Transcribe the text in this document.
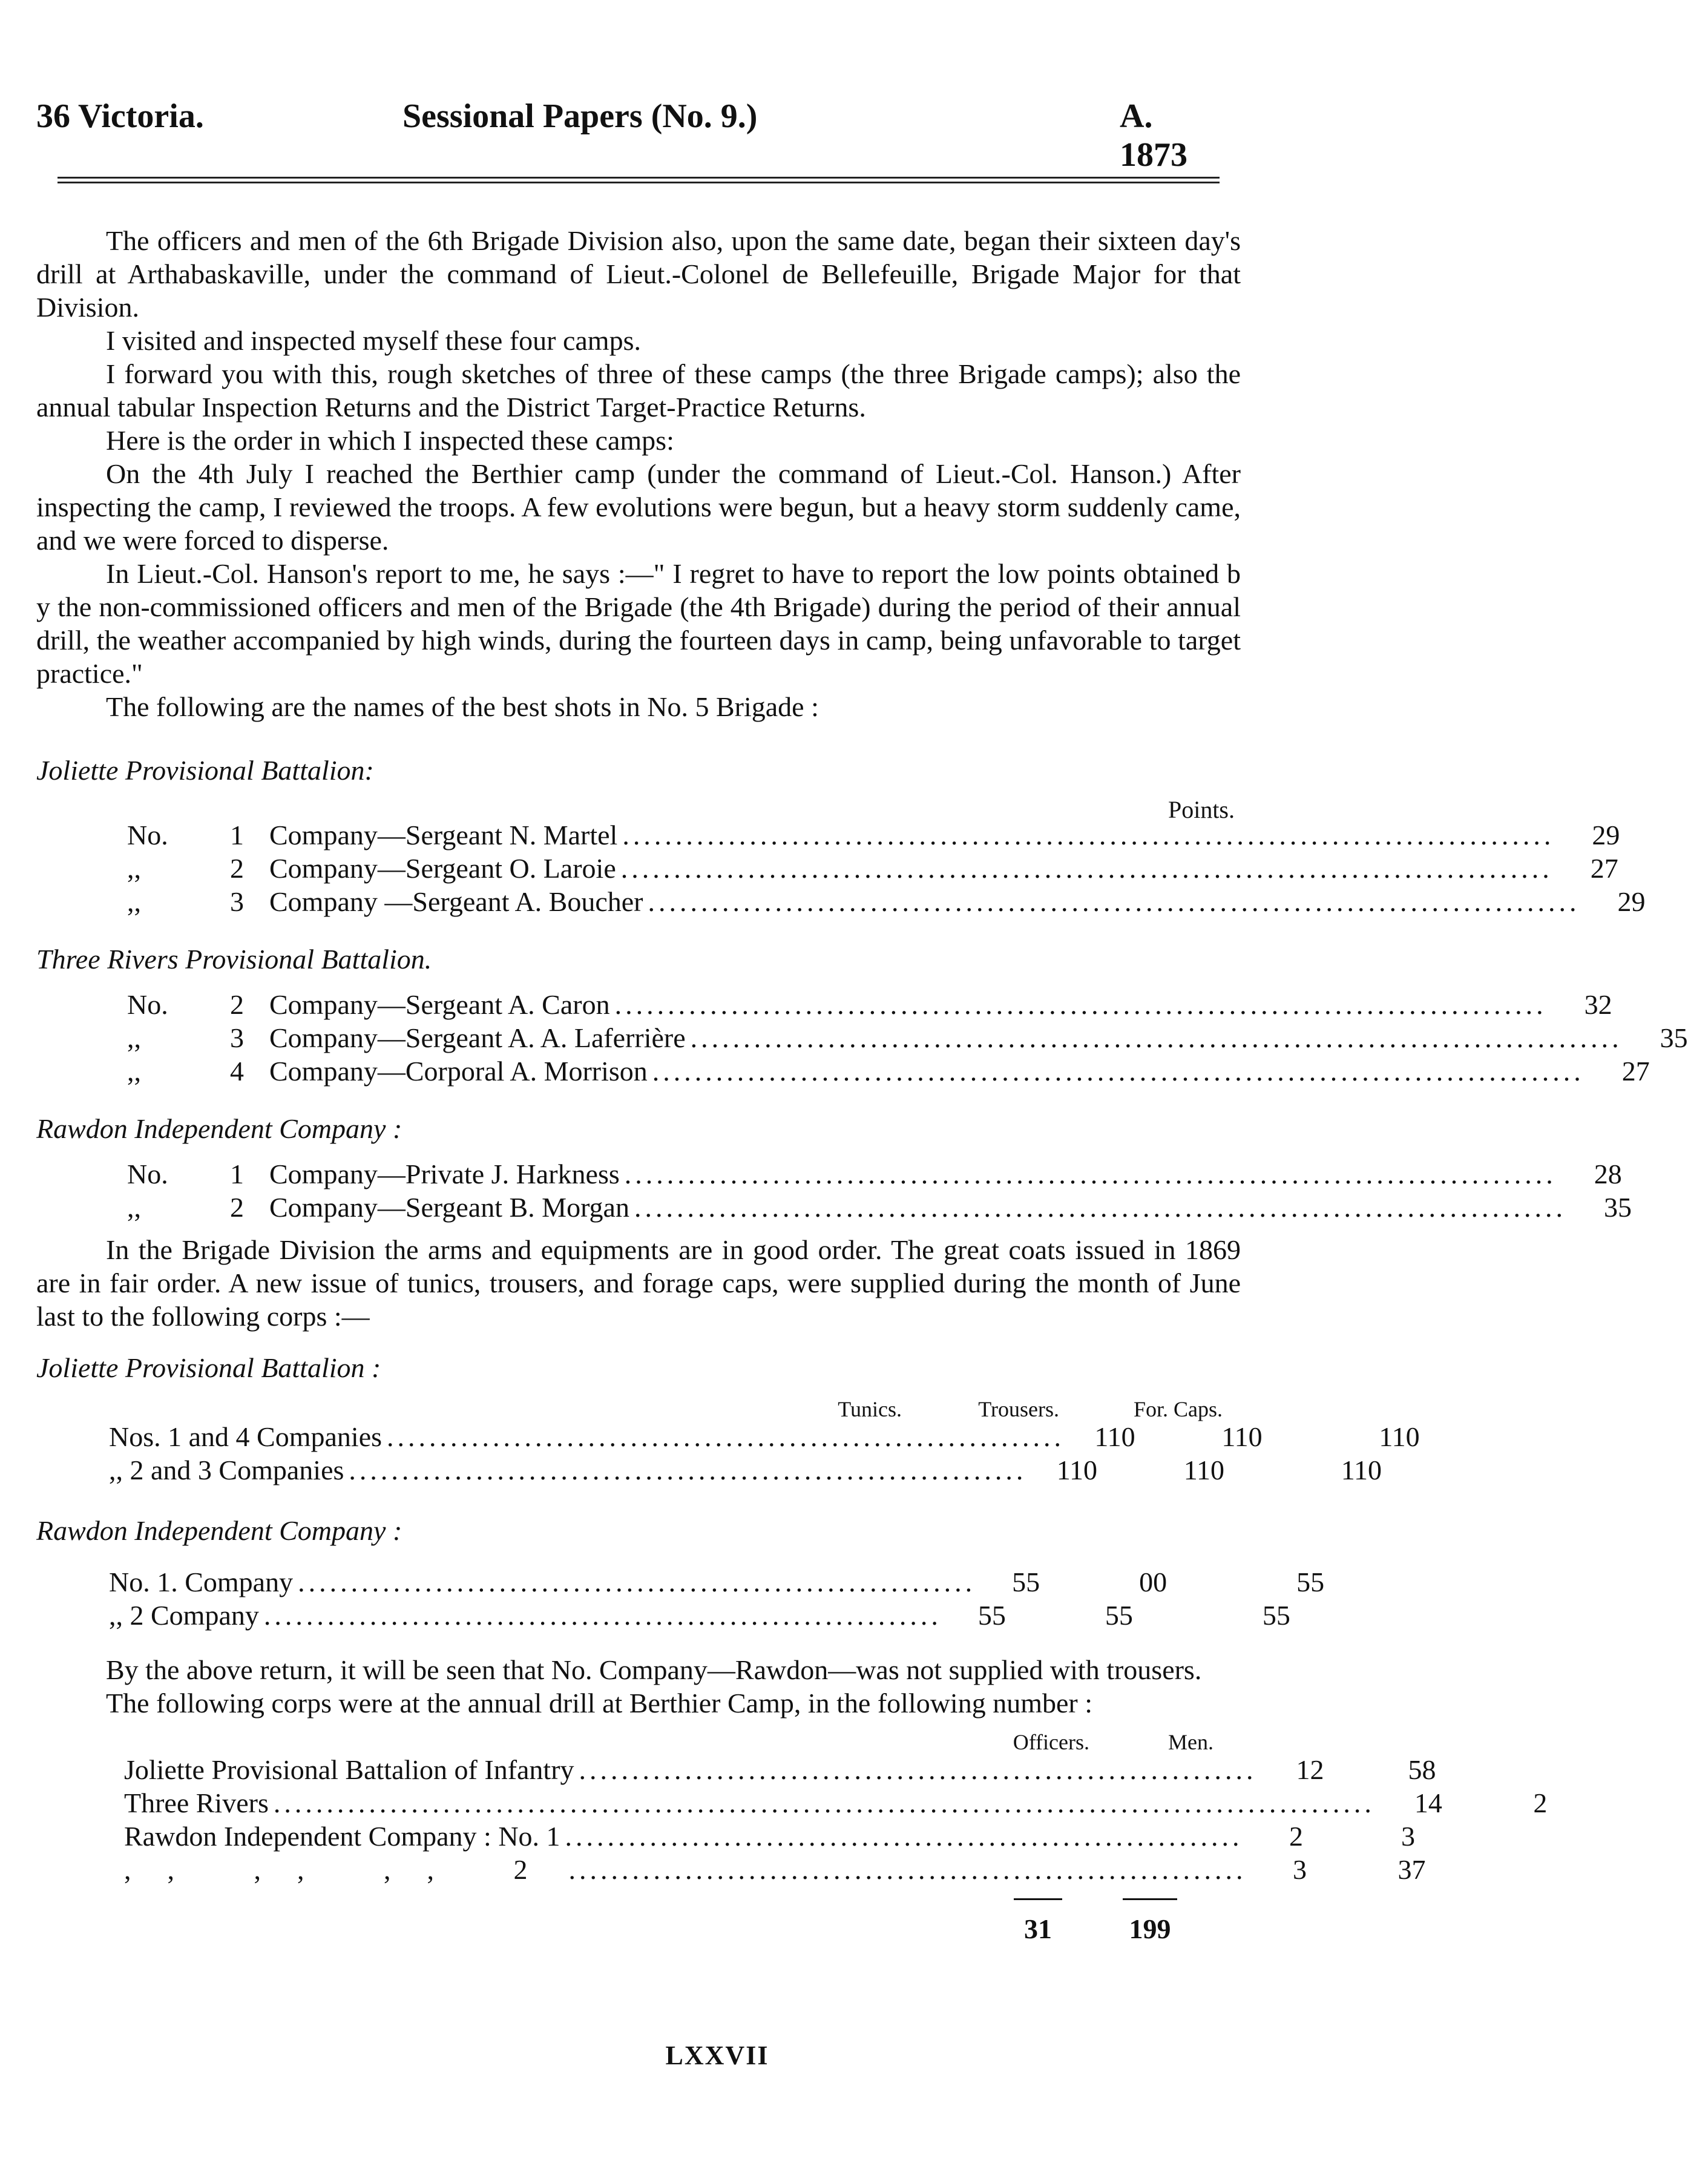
36 Victoria.	Sessional Papers (No. 9.)	A. 1873

The officers and men of the 6th Brigade Division also, upon the same date, began their sixteen day's drill at Arthabaskaville, under the command of Lieut.-Colonel de Bellefeuille, Brigade Major for that Division.

I visited and inspected myself these four camps.

I forward you with this, rough sketches of three of these camps (the three Brigade camps); also the annual tabular Inspection Returns and the District Target-Practice Returns.

Here is the order in which I inspected these camps:

On the 4th July I reached the Berthier camp (under the command of Lieut.-Col. Hanson.) After inspecting the camp, I reviewed the troops. A few evolutions were begun, but a heavy storm suddenly came, and we were forced to disperse.

In Lieut.-Col. Hanson's report to me, he says :—" I regret to have to report the low points obtained b y the non-commissioned officers and men of the Brigade (the 4th Brigade) during the period of their annual drill, the weather accompanied by high winds, during the fourteen days in camp, being unfavorable to target practice."

The following are the names of the best shots in No. 5 Brigade :

Joliette Provisional Battalion:

Points.
No.	1 Company—Sergeant N. Martel ........................................................................................	29
,,	2 Company—Sergeant O. Laroie ........................................................................................	27
,,	3 Company —Sergeant A. Boucher ........................................................................................	29

Three Rivers Provisional Battalion.

No.	2 Company—Sergeant A. Caron ........................................................................................	32
,,	3 Company—Sergeant A. A. Laferrière ........................................................................................	35
,,	4 Company—Corporal A. Morrison ........................................................................................	27

Rawdon Independent Company :

No.	1 Company—Private J. Harkness ........................................................................................	28
,,	2 Company—Sergeant B. Morgan ........................................................................................	35

In the Brigade Division the arms and equipments are in good order. The great coats issued in 1869 are in fair order. A new issue of tunics, trousers, and forage caps, were supplied during the month of June last to the following corps :—

Joliette Provisional Battalion :

Tunics.	Trousers.	For. Caps.
Nos. 1 and 4 Companies ................................................................	110	110	110
,, 2 and 3 Companies ................................................................	110	110	110

Rawdon Independent Company :

No. 1. Company ................................................................	55	00	55
,, 2 Company ................................................................	55	55	55

By the above return, it will be seen that No. Company—Rawdon—was not supplied with trousers.

The following corps were at the annual drill at Berthier Camp, in the following number :

Officers.	Men.
Joliette Provisional Battalion of Infantry ................................................................	12	58
Three Rivers ........................................................................................................	14	2
Rawdon Independent Company : No. 1 ................................................................	2	3
,, ,, ,, 2 ................................................................	3	37
31	199
LXXVII
